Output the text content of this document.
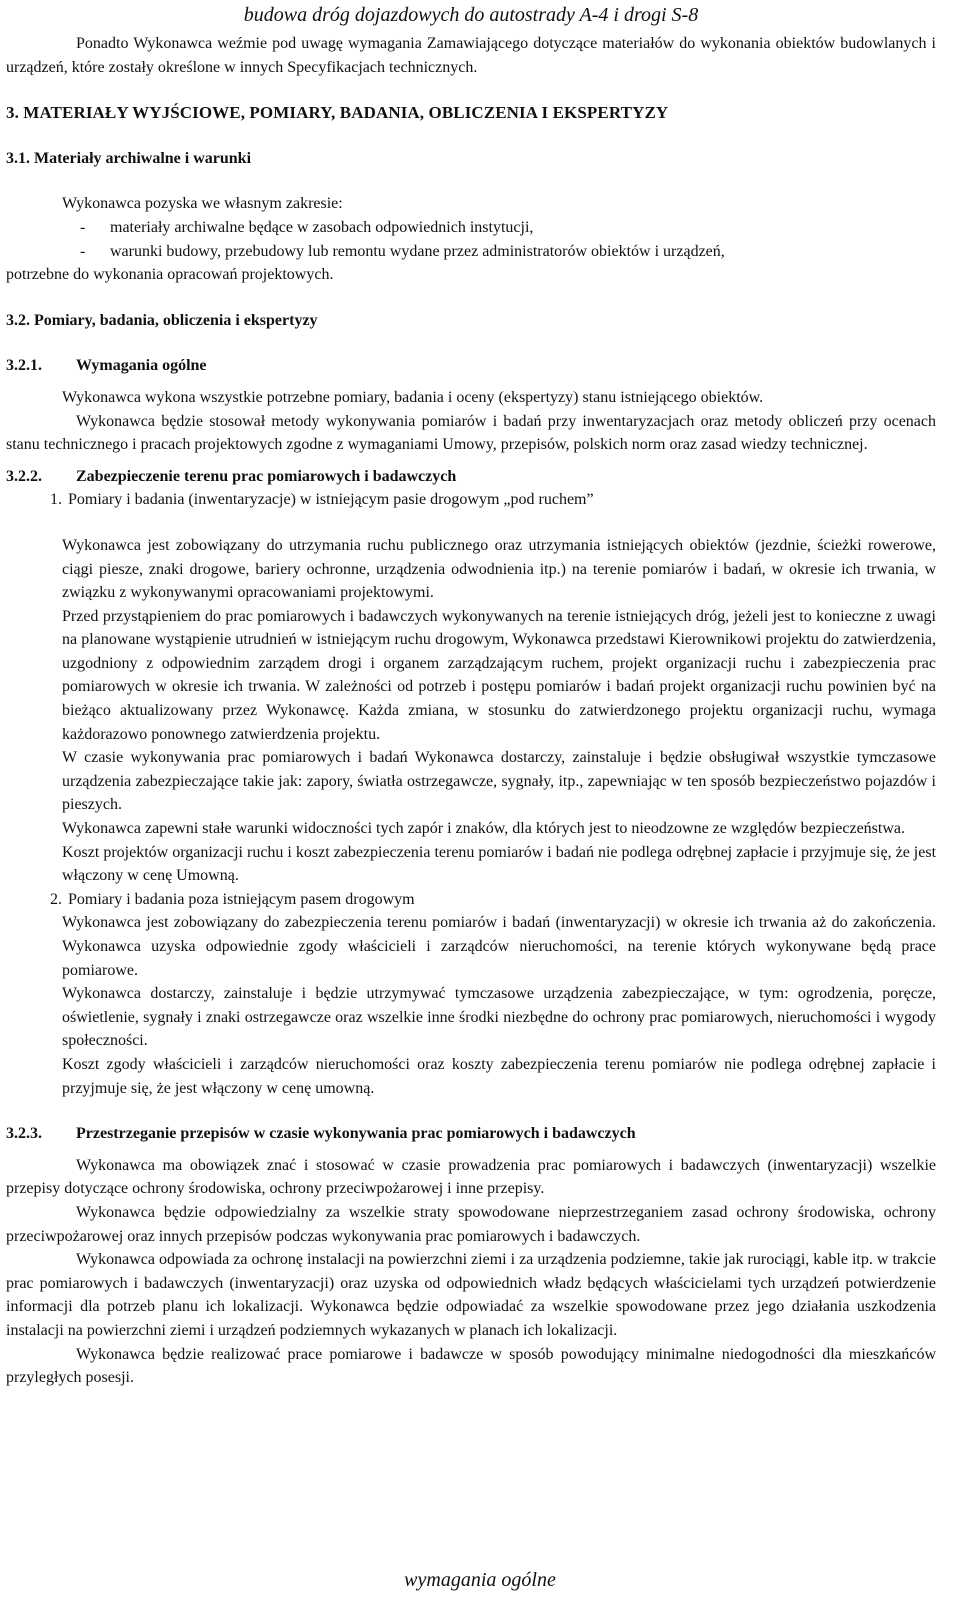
budowa dróg dojazdowych do autostrady A-4 i drogi S-8

Ponadto Wykonawca weźmie pod uwagę wymagania Zamawiającego dotyczące materiałów do wykonania obiektów budowlanych i urządzeń, które zostały określone w innych Specyfikacjach technicznych.

3. MATERIAŁY WYJŚCIOWE, POMIARY, BADANIA, OBLICZENIA I EKSPERTYZY
3.1. Materiały archiwalne i warunki

Wykonawca pozyska we własnym zakresie:

-	materiały archiwalne będące w zasobach odpowiednich instytucji,
-	warunki budowy, przebudowy lub remontu wydane przez administratorów obiektów i urządzeń,

potrzebne do wykonania opracowań projektowych.

3.2. Pomiary, badania, obliczenia i ekspertyzy
3.2.1.	Wymagania ogólne

Wykonawca wykona wszystkie potrzebne pomiary, badania i oceny (ekspertyzy) stanu istniejącego obiektów.

Wykonawca będzie stosował metody wykonywania pomiarów i badań przy inwentaryzacjach oraz metody obliczeń przy ocenach stanu technicznego i pracach projektowych zgodne z wymaganiami Umowy, przepisów, polskich norm oraz zasad wiedzy technicznej.

3.2.2.	Zabezpieczenie terenu prac pomiarowych i badawczych
1. Pomiary i badania (inwentaryzacje) w istniejącym pasie drogowym „pod ruchem”

Wykonawca jest zobowiązany do utrzymania ruchu publicznego oraz utrzymania istniejących obiektów (jezdnie, ścieżki rowerowe, ciągi piesze, znaki drogowe, bariery ochronne, urządzenia odwodnienia itp.) na terenie pomiarów i badań, w okresie ich trwania, w związku z wykonywanymi opracowaniami projektowymi.

Przed przystąpieniem do prac pomiarowych i badawczych wykonywanych na terenie istniejących dróg, jeżeli jest to konieczne z uwagi na planowane wystąpienie utrudnień w istniejącym ruchu drogowym, Wykonawca przedstawi Kierownikowi projektu do zatwierdzenia, uzgodniony z odpowiednim zarządem drogi i organem zarządzającym ruchem, projekt organizacji ruchu i zabezpieczenia prac pomiarowych w okresie ich trwania. W zależności od potrzeb i postępu pomiarów i badań projekt organizacji ruchu powinien być na bieżąco aktualizowany przez Wykonawcę. Każda zmiana, w stosunku do zatwierdzonego projektu organizacji ruchu, wymaga każdorazowo ponownego zatwierdzenia projektu.

W czasie wykonywania prac pomiarowych i badań Wykonawca dostarczy, zainstaluje i będzie obsługiwał wszystkie tymczasowe urządzenia zabezpieczające takie jak: zapory, światła ostrzegawcze, sygnały, itp., zapewniając w ten sposób bezpieczeństwo pojazdów i pieszych.

Wykonawca zapewni stałe warunki widoczności tych zapór i znaków, dla których jest to nieodzowne ze względów bezpieczeństwa.

Koszt projektów organizacji ruchu i koszt zabezpieczenia terenu pomiarów i badań nie podlega odrębnej zapłacie i przyjmuje się, że jest włączony w cenę Umowną.

2. Pomiary i badania poza istniejącym pasem drogowym

Wykonawca jest zobowiązany do zabezpieczenia terenu pomiarów i badań (inwentaryzacji) w okresie ich trwania aż do zakończenia. Wykonawca uzyska odpowiednie zgody właścicieli i zarządców nieruchomości, na terenie których wykonywane będą prace pomiarowe.

Wykonawca dostarczy, zainstaluje i będzie utrzymywać tymczasowe urządzenia zabezpieczające, w tym: ogrodzenia, poręcze, oświetlenie, sygnały i znaki ostrzegawcze oraz wszelkie inne środki niezbędne do ochrony prac pomiarowych, nieruchomości i wygody społeczności.

Koszt zgody właścicieli i zarządców nieruchomości oraz koszty zabezpieczenia terenu pomiarów nie podlega odrębnej zapłacie i przyjmuje się, że jest włączony w cenę umowną.

3.2.3.	Przestrzeganie przepisów w czasie wykonywania prac pomiarowych i badawczych

Wykonawca ma obowiązek znać i stosować w czasie prowadzenia prac pomiarowych i badawczych (inwentaryzacji) wszelkie przepisy dotyczące ochrony środowiska, ochrony przeciwpożarowej i inne przepisy.

Wykonawca będzie odpowiedzialny za wszelkie straty spowodowane nieprzestrzeganiem zasad ochrony środowiska, ochrony przeciwpożarowej oraz innych przepisów podczas wykonywania prac pomiarowych i badawczych.

Wykonawca odpowiada za ochronę instalacji na powierzchni ziemi i za urządzenia podziemne, takie jak rurociągi, kable itp. w trakcie prac pomiarowych i badawczych (inwentaryzacji) oraz uzyska od odpowiednich władz będących właścicielami tych urządzeń potwierdzenie informacji dla potrzeb planu ich lokalizacji. Wykonawca będzie odpowiadać za wszelkie spowodowane przez jego działania uszkodzenia instalacji na powierzchni ziemi i urządzeń podziemnych wykazanych w planach ich lokalizacji.

Wykonawca będzie realizować prace pomiarowe i badawcze w sposób powodujący minimalne niedogodności dla mieszkańców przyległych posesji.

wymagania ogólne
